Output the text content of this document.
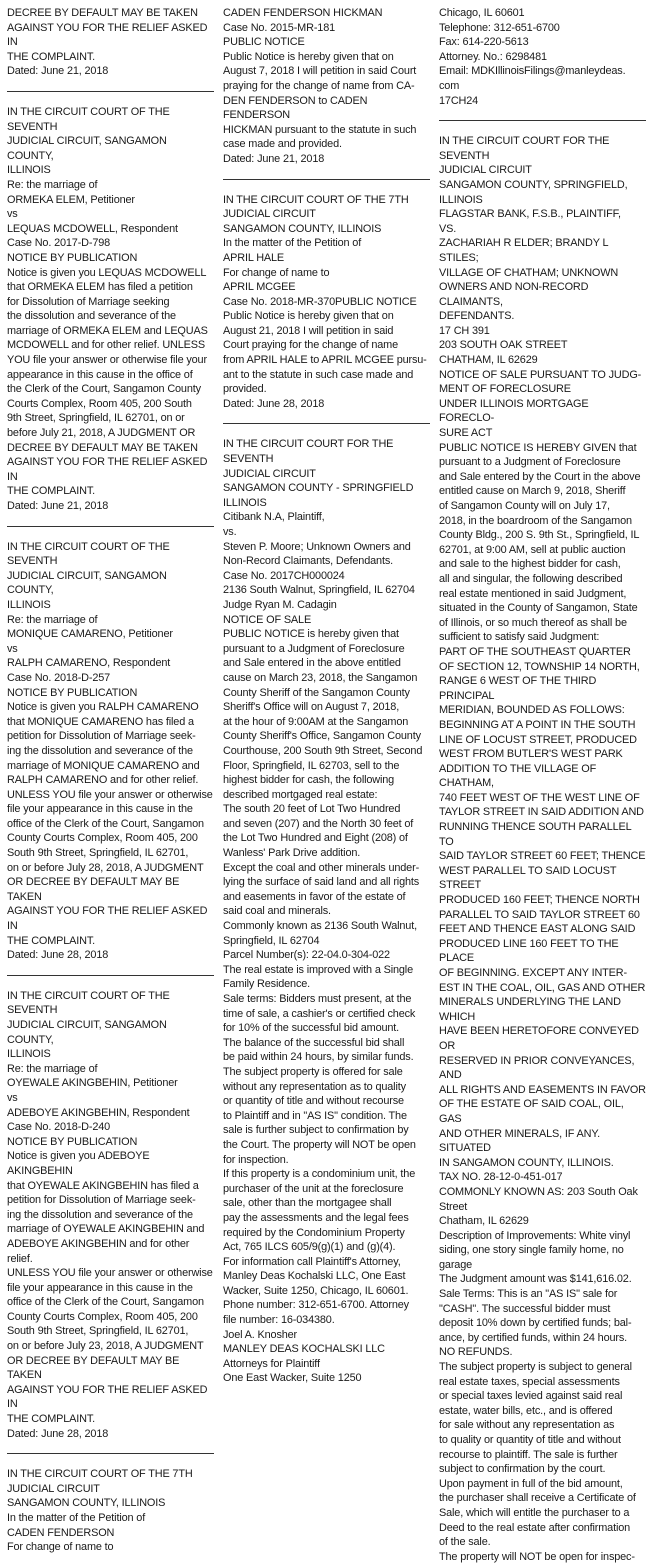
DECREE BY DEFAULT MAY BE TAKEN

AGAINST YOU FOR THE RELIEF ASKED IN

THE COMPLAINT.

Dated: June 21, 2018

IN THE CIRCUIT COURT OF THE SEVENTH

JUDICIAL CIRCUIT, SANGAMON COUNTY,

ILLINOIS

Re: the marriage of

ORMEKA ELEM, Petitioner

vs

LEQUAS MCDOWELL, Respondent

Case No. 2017-D-798

NOTICE BY PUBLICATION

Notice is given you LEQUAS MCDOWELL

that ORMEKA ELEM has filed a petition

for Dissolution of Marriage seeking

the dissolution and severance of the

marriage of ORMEKA ELEM and LEQUAS

MCDOWELL and for other relief. UNLESS

YOU file your answer or otherwise file your

appearance in this cause in the office of

the Clerk of the Court, Sangamon County

Courts Complex, Room 405, 200 South

9th Street, Springfield, IL 62701, on or

before July 21, 2018, A JUDGMENT OR

DECREE BY DEFAULT MAY BE TAKEN

AGAINST YOU FOR THE RELIEF ASKED IN

THE COMPLAINT.

Dated: June 21, 2018

IN THE CIRCUIT COURT OF THE SEVENTH

JUDICIAL CIRCUIT, SANGAMON COUNTY,

ILLINOIS

Re: the marriage of

MONIQUE CAMARENO, Petitioner

vs

RALPH CAMARENO, Respondent

Case No. 2018-D-257

NOTICE BY PUBLICATION

Notice is given you RALPH CAMARENO

that MONIQUE CAMARENO has filed a

petition for Dissolution of Marriage seek-

ing the dissolution and severance of the

marriage of MONIQUE CAMARENO and

RALPH CAMARENO and for other relief.

UNLESS YOU file your answer or otherwise

file your appearance in this cause in the

office of the Clerk of the Court, Sangamon

County Courts Complex, Room 405, 200

South 9th Street, Springfield, IL 62701,

on or before July 28, 2018, A JUDGMENT

OR DECREE BY DEFAULT MAY BE TAKEN

AGAINST YOU FOR THE RELIEF ASKED IN

THE COMPLAINT.

Dated: June 28, 2018

IN THE CIRCUIT COURT OF THE SEVENTH

JUDICIAL CIRCUIT, SANGAMON COUNTY,

ILLINOIS

Re: the marriage of

OYEWALE AKINGBEHIN, Petitioner

vs

ADEBOYE AKINGBEHIN, Respondent

Case No. 2018-D-240

NOTICE BY PUBLICATION

Notice is given you ADEBOYE AKINGBEHIN

that OYEWALE AKINGBEHIN has filed a

petition for Dissolution of Marriage seek-

ing the dissolution and severance of the

marriage of OYEWALE AKINGBEHIN and

ADEBOYE AKINGBEHIN and for other relief.

UNLESS YOU file your answer or otherwise

file your appearance in this cause in the

office of the Clerk of the Court, Sangamon

County Courts Complex, Room 405, 200

South 9th Street, Springfield, IL 62701,

on or before July 23, 2018, A JUDGMENT

OR DECREE BY DEFAULT MAY BE TAKEN

AGAINST YOU FOR THE RELIEF ASKED IN

THE COMPLAINT.

Dated: June 28, 2018

IN THE CIRCUIT COURT OF THE 7TH

JUDICIAL CIRCUIT

SANGAMON COUNTY, ILLINOIS

In the matter of the Petition of

CADEN FENDERSON

For change of name to

CADEN FENDERSON HICKMAN

Case No. 2015-MR-181

PUBLIC NOTICE

Public Notice is hereby given that on

August 7, 2018 I will petition in said Court

praying for the change of name from CA-

DEN FENDERSON to CADEN FENDERSON

HICKMAN pursuant to the statute in such

case made and provided.

Dated: June 21, 2018

IN THE CIRCUIT COURT OF THE 7TH

JUDICIAL CIRCUIT

SANGAMON COUNTY, ILLINOIS

In the matter of the Petition of

APRIL HALE

For change of name to

APRIL MCGEE

Case No. 2018-MR-370PUBLIC NOTICE

Public Notice is hereby given that on

August 21, 2018 I will petition in said

Court praying for the change of name

from APRIL HALE to APRIL MCGEE pursu-

ant to the statute in such case made and

provided.

Dated: June 28, 2018

IN THE CIRCUIT COURT FOR THE SEVENTH

JUDICIAL CIRCUIT

SANGAMON COUNTY - SPRINGFIELD

ILLINOIS

Citibank N.A, Plaintiff,

vs.

Steven P. Moore; Unknown Owners and

Non-Record Claimants, Defendants.

Case No. 2017CH000024

2136 South Walnut, Springfield, IL 62704

Judge Ryan M. Cadagin

NOTICE OF SALE

PUBLIC NOTICE is hereby given that

pursuant to a Judgment of Foreclosure

and Sale entered in the above entitled

cause on March 23, 2018, the Sangamon

County Sheriff of the Sangamon County

Sheriff's Office will on August 7, 2018,

at the hour of 9:00AM at the Sangamon

County Sheriff's Office, Sangamon County

Courthouse, 200 South 9th Street, Second

Floor, Springfield, IL 62703, sell to the

highest bidder for cash, the following

described mortgaged real estate:

The south 20 feet of Lot Two Hundred

and seven (207) and the North 30 feet of

the Lot Two Hundred and Eight (208) of

Wanless' Park Drive addition.

Except the coal and other minerals under-

lying the surface of said land and all rights

and easements in favor of the estate of

said coal and minerals.

Commonly known as 2136 South Walnut,

Springfield, IL 62704

Parcel Number(s): 22-04.0-304-022

The real estate is improved with a Single

Family Residence.

Sale terms: Bidders must present, at the

time of sale, a cashier's or certified check

for 10% of the successful bid amount.

The balance of the successful bid shall

be paid within 24 hours, by similar funds.

The subject property is offered for sale

without any representation as to quality

or quantity of title and without recourse

to Plaintiff and in "AS IS" condition. The

sale is further subject to confirmation by

the Court. The property will NOT be open

for inspection.

If this property is a condominium unit, the

purchaser of the unit at the foreclosure

sale, other than the mortgagee shall

pay the assessments and the legal fees

required by the Condominium Property

Act, 765 ILCS 605/9(g)(1) and (g)(4).

For information call Plaintiff's Attorney,

Manley Deas Kochalski LLC, One East

Wacker, Suite 1250, Chicago, IL 60601.

Phone number: 312-651-6700. Attorney

file number: 16-034380.

Joel A. Knosher

MANLEY DEAS KOCHALSKI LLC

Attorneys for Plaintiff

One East Wacker, Suite 1250

Chicago, IL 60601

Telephone: 312-651-6700

Fax: 614-220-5613

Attorney. No.: 6298481

Email: MDKIllinoisFilings@manleydeas.

com

17CH24

IN THE CIRCUIT COURT FOR THE SEVENTH

JUDICIAL CIRCUIT

SANGAMON COUNTY, SPRINGFIELD,

ILLINOIS

FLAGSTAR BANK, F.S.B., PLAINTIFF,

VS.

ZACHARIAH R ELDER; BRANDY L STILES;

VILLAGE OF CHATHAM; UNKNOWN

OWNERS AND NON-RECORD CLAIMANTS,

DEFENDANTS.

17 CH 391

203 SOUTH OAK STREET

CHATHAM, IL 62629

NOTICE OF SALE PURSUANT TO JUDG-

MENT OF FORECLOSURE

UNDER ILLINOIS MORTGAGE FORECLO-

SURE ACT

PUBLIC NOTICE IS HEREBY GIVEN that

pursuant to a Judgment of Foreclosure

and Sale entered by the Court in the above

entitled cause on March 9, 2018, Sheriff

of Sangamon County will on July 17,

2018, in the boardroom of the Sangamon

County Bldg., 200 S. 9th St., Springfield, IL

62701, at 9:00 AM, sell at public auction

and sale to the highest bidder for cash,

all and singular, the following described

real estate mentioned in said Judgment,

situated in the County of Sangamon, State

of Illinois, or so much thereof as shall be

sufficient to satisfy said Judgment:

PART OF THE SOUTHEAST QUARTER

OF SECTION 12, TOWNSHIP 14 NORTH,

RANGE 6 WEST OF THE THIRD PRINCIPAL

MERIDIAN, BOUNDED AS FOLLOWS:

BEGINNING AT A POINT IN THE SOUTH

LINE OF LOCUST STREET, PRODUCED

WEST FROM BUTLER'S WEST PARK

ADDITION TO THE VILLAGE OF CHATHAM,

740 FEET WEST OF THE WEST LINE OF

TAYLOR STREET IN SAID ADDITION AND

RUNNING THENCE SOUTH PARALLEL TO

SAID TAYLOR STREET 60 FEET; THENCE

WEST PARALLEL TO SAID LOCUST STREET

PRODUCED 160 FEET; THENCE NORTH

PARALLEL TO SAID TAYLOR STREET 60

FEET AND THENCE EAST ALONG SAID

PRODUCED LINE 160 FEET TO THE PLACE

OF BEGINNING. EXCEPT ANY INTER-

EST IN THE COAL, OIL, GAS AND OTHER

MINERALS UNDERLYING THE LAND WHICH

HAVE BEEN HERETOFORE CONVEYED OR

RESERVED IN PRIOR CONVEYANCES, AND

ALL RIGHTS AND EASEMENTS IN FAVOR

OF THE ESTATE OF SAID COAL, OIL, GAS

AND OTHER MINERALS, IF ANY. SITUATED

IN SANGAMON COUNTY, ILLINOIS.

TAX NO. 28-12-0-451-017

COMMONLY KNOWN AS: 203 South Oak

Street

Chatham, IL 62629

Description of Improvements: White vinyl

siding, one story single family home, no

garage

The Judgment amount was $141,616.02.

Sale Terms: This is an "AS IS" sale for

"CASH". The successful bidder must

deposit 10% down by certified funds; bal-

ance, by certified funds, within 24 hours.

NO REFUNDS.

The subject property is subject to general

real estate taxes, special assessments

or special taxes levied against said real

estate, water bills, etc., and is offered

for sale without any representation as

to quality or quantity of title and without

recourse to plaintiff. The sale is further

subject to confirmation by the court.

Upon payment in full of the bid amount,

the purchaser shall receive a Certificate of

Sale, which will entitle the purchaser to a

Deed to the real estate after confirmation

of the sale.

The property will NOT be open for inspec-
